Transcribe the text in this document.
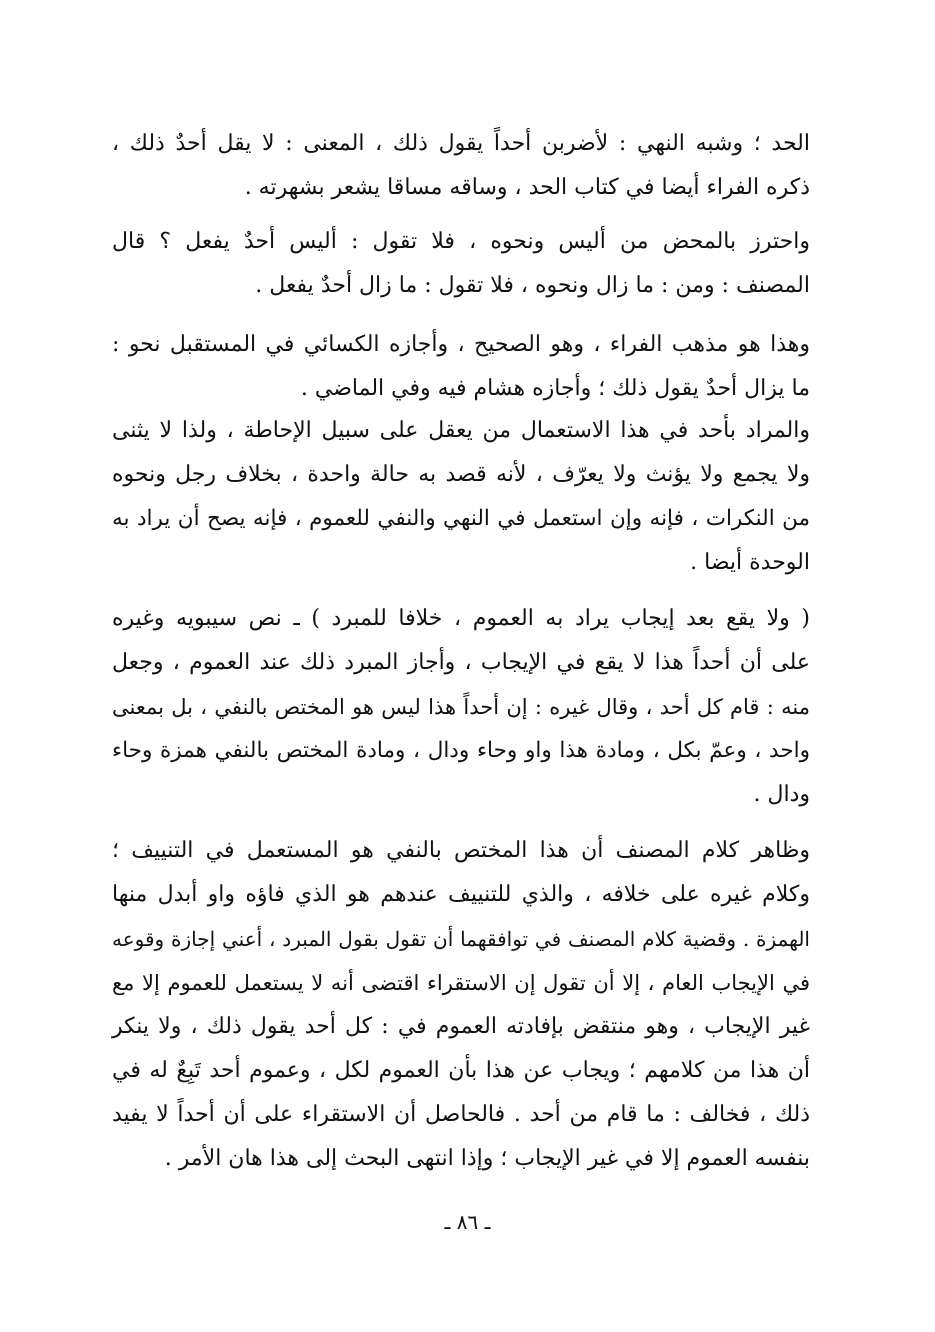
الحد ؛ وشبه النهي : لأضربن أحداً يقول ذلك ، المعنى : لا يقل أحدٌ ذلك ،
ذكره الفراء أيضا في كتاب الحد ، وساقه مساقا يشعر بشهرته .
واحترز بالمحض من أليس ونحوه ، فلا تقول : أليس أحدٌ يفعل ؟ قال
المصنف : ومن : ما زال ونحوه ، فلا تقول : ما زال أحدٌ يفعل .
وهذا هو مذهب الفراء ، وهو الصحيح ، وأجازه الكسائي في المستقبل نحو :
ما يزال أحدٌ يقول ذلك ؛ وأجازه هشام فيه وفي الماضي .
والمراد بأحد في هذا الاستعمال من يعقل على سبيل الإحاطة ، ولذا لا يثنى
ولا يجمع ولا يؤنث ولا يعرّف ، لأنه قصد به حالة واحدة ، بخلاف رجل ونحوه
من النكرات ، فإنه وإن استعمل في النهي والنفي للعموم ، فإنه يصح أن يراد به
الوحدة أيضا .
( ولا يقع بعد إيجاب يراد به العموم ، خلافا للمبرد ) ـ نص سيبويه وغيره
على أن أحداً هذا لا يقع في الإيجاب ، وأجاز المبرد ذلك عند العموم ، وجعل
منه : قام كل أحد ، وقال غيره : إن أحداً هذا ليس هو المختص بالنفي ، بل بمعنى
واحد ، وعمّ بكل ، ومادة هذا واو وحاء ودال ، ومادة المختص بالنفي همزة وحاء
ودال .
وظاهر كلام المصنف أن هذا المختص بالنفي هو المستعمل في التنييف ؛
وكلام غيره على خلافه ، والذي للتنييف عندهم هو الذي فاؤه واو أبدل منها
الهمزة . وقضية كلام المصنف في توافقهما أن تقول بقول المبرد ، أعني إجازة وقوعه
في الإيجاب العام ، إلا أن تقول إن الاستقراء اقتضى أنه لا يستعمل للعموم إلا مع
غير الإيجاب ، وهو منتقض بإفادته العموم في : كل أحد يقول ذلك ، ولا ينكر
أن هذا من كلامهم ؛ ويجاب عن هذا بأن العموم لكل ، وعموم أحد تَبِعٌ له في
ذلك ، فخالف : ما قام من أحد . فالحاصل أن الاستقراء على أن أحداً لا يفيد
بنفسه العموم إلا في غير الإيجاب ؛ وإذا انتهى البحث إلى هذا هان الأمر .
ـ ٨٦ ـ
